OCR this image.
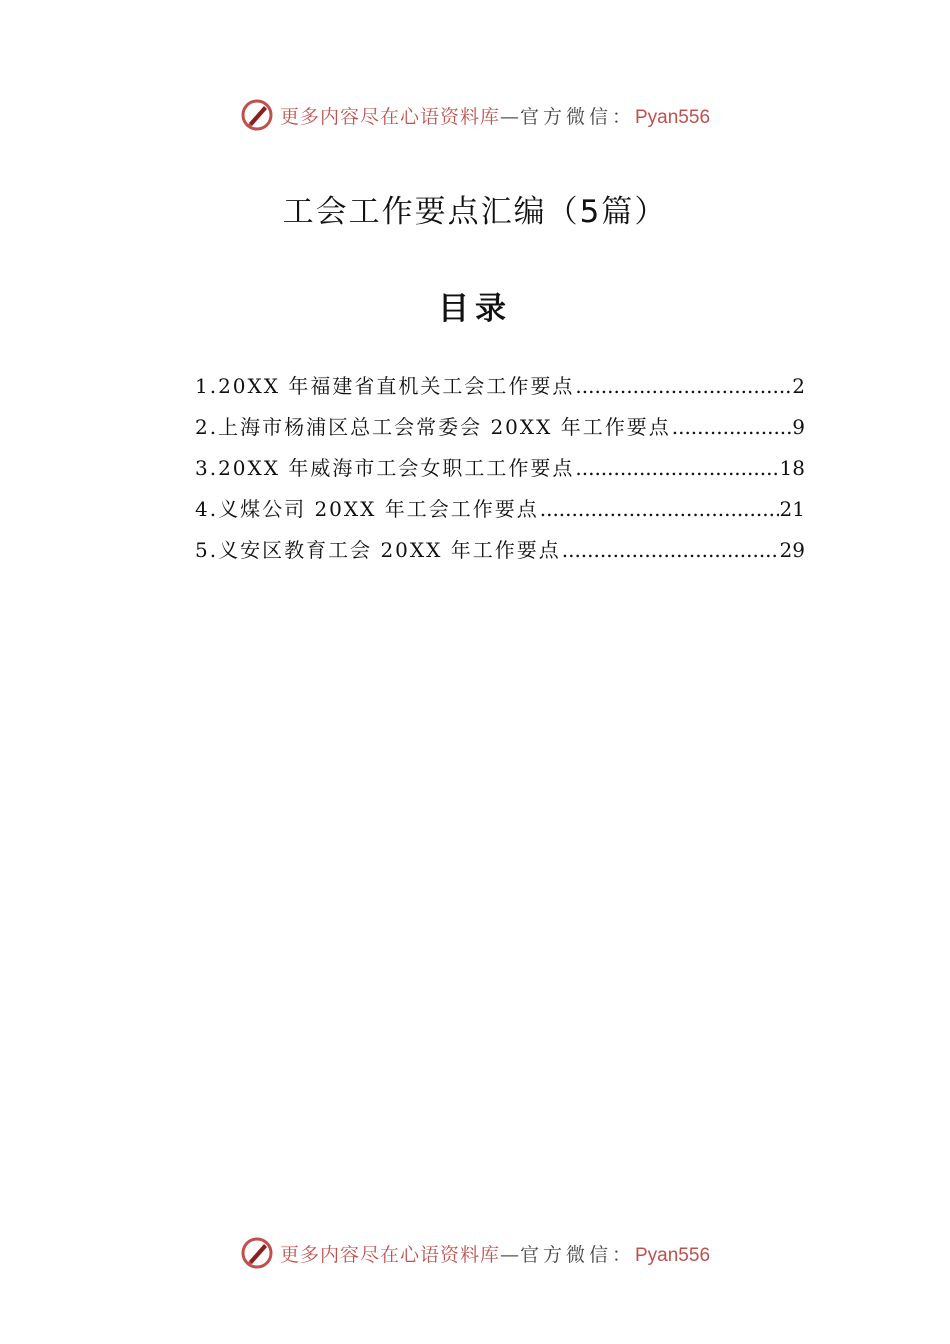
更多内容尽在心语资料库—官方微信：Pyan556
工会工作要点汇编（5篇）
目录
1.20XX 年福建省直机关工会工作要点 .....	2
2.上海市杨浦区总工会常委会 20XX 年工作要点 .....	9
3.20XX 年威海市工会女职工工作要点 .....	18
4.义煤公司 20XX 年工会工作要点 .....	21
5.义安区教育工会 20XX 年工作要点 .....	29
更多内容尽在心语资料库—官方微信：Pyan556
